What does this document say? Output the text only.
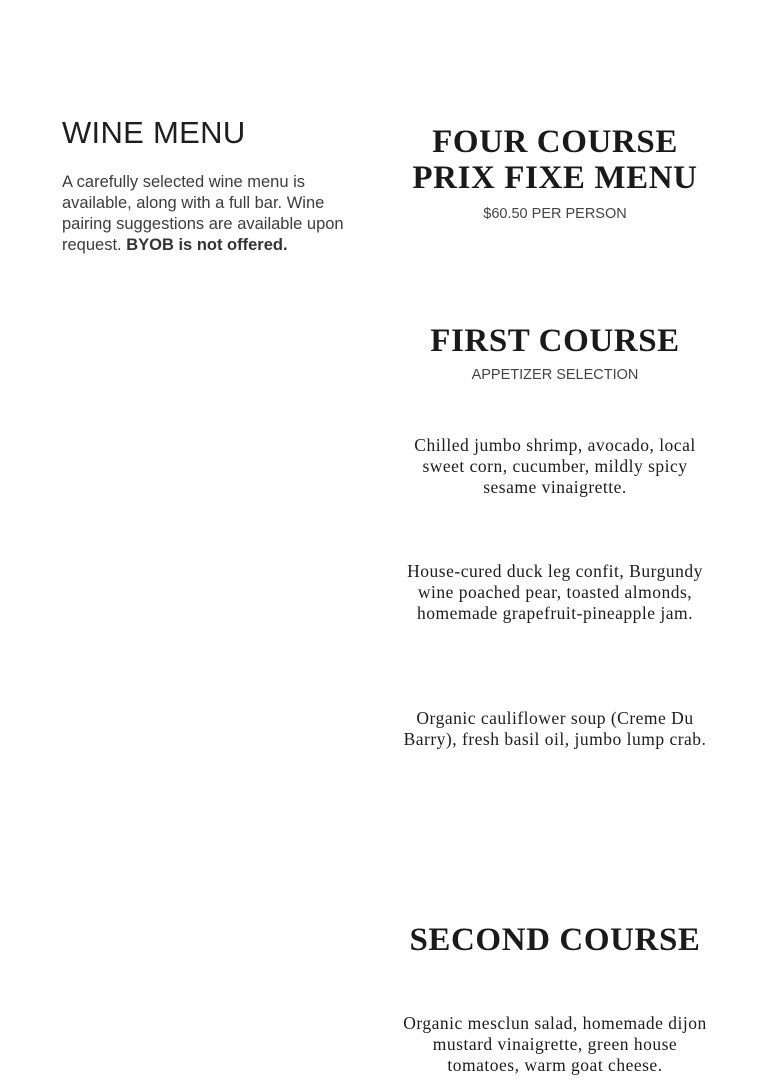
WINE MENU

A carefully selected wine menu is available, along with a full bar. Wine pairing suggestions are available upon request. BYOB is not offered.

FOUR COURSE
PRIX FIXE MENU

$60.50 PER PERSON

FIRST COURSE

APPETIZER SELECTION

Chilled jumbo shrimp, avocado, local sweet corn, cucumber, mildly spicy sesame vinaigrette.

House-cured duck leg confit, Burgundy wine poached pear, toasted almonds, homemade grapefruit-pineapple jam.

Organic cauliflower soup (Creme Du Barry), fresh basil oil, jumbo lump crab.

SECOND COURSE

Organic mesclun salad, homemade dijon mustard vinaigrette, green house tomatoes, warm goat cheese.
